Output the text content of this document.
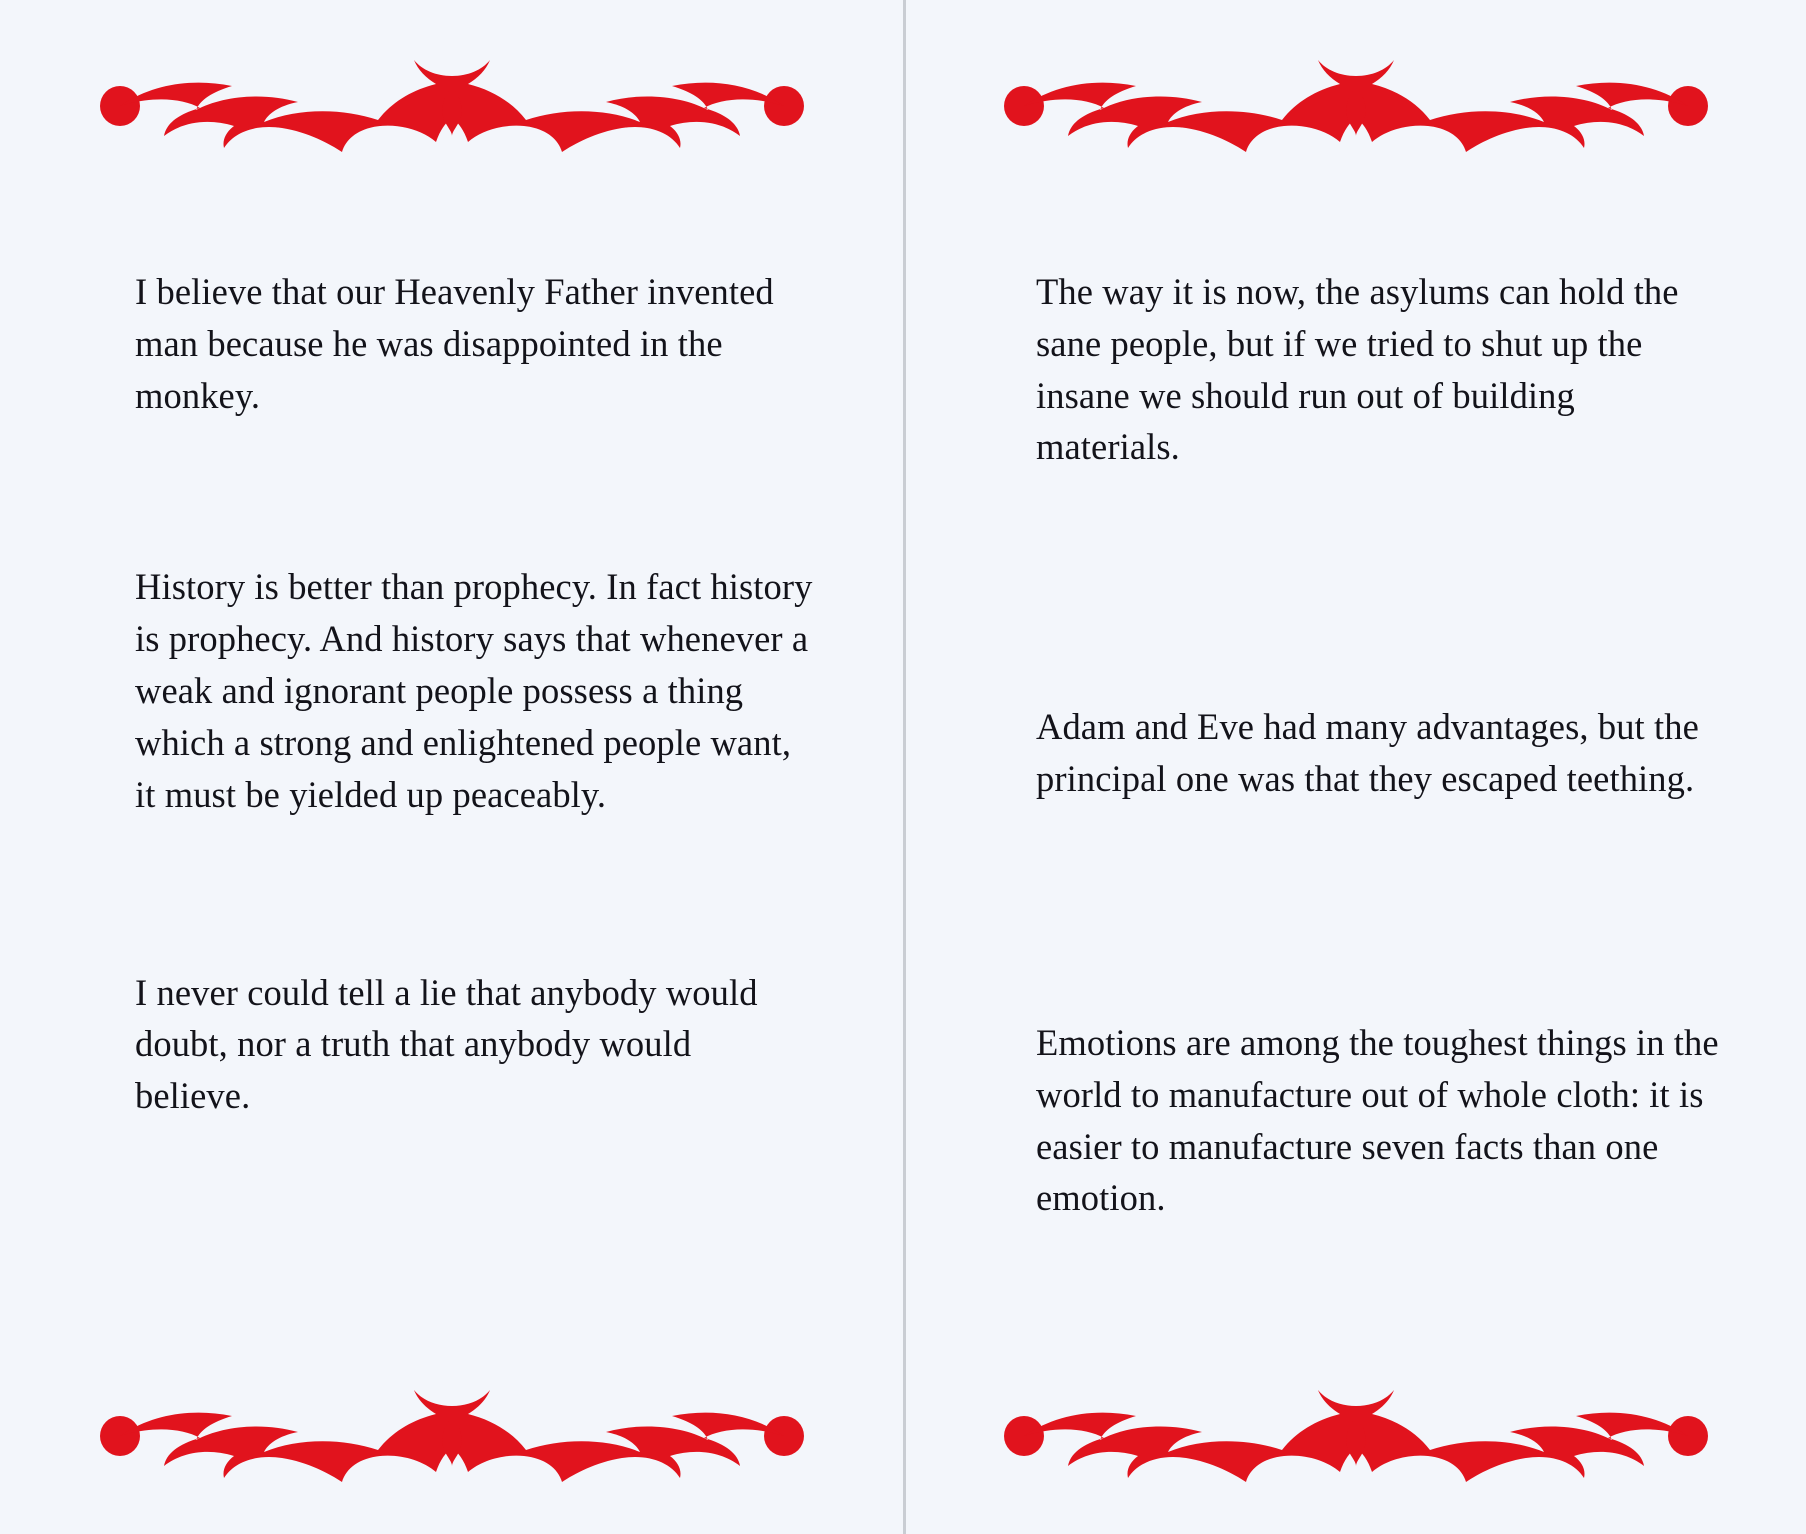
I believe that our Heavenly Father invented man because he was disappointed in the monkey.

History is better than prophecy. In fact history is prophecy. And history says that whenever a weak and ignorant people possess a thing which a strong and enlightened people want, it must be yielded up peaceably.

I never could tell a lie that anybody would doubt, nor a truth that anybody would believe.

The way it is now, the asylums can hold the sane people, but if we tried to shut up the insane we should run out of building materials.

Adam and Eve had many advantages, but the principal one was that they escaped teething.

Emotions are among the toughest things in the world to manufacture out of whole cloth: it is easier to manufacture seven facts than one emotion.
